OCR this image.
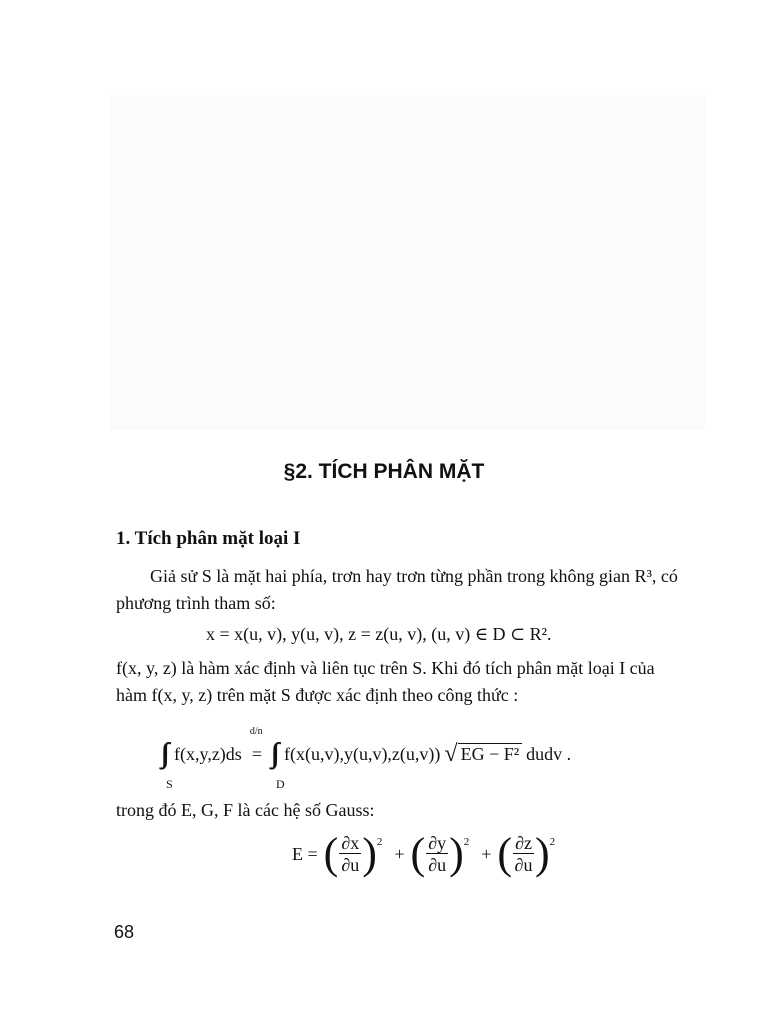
§2. TÍCH PHÂN MẶT
1. Tích phân mặt loại I
Giả sử S là mặt hai phía, trơn hay trơn từng phần trong không gian R³, có phương trình tham số:
x = x(u, v), y(u, v), z = z(u, v), (u, v) ∈ D ⊂ R².
f(x, y, z) là hàm xác định và liên tục trên S. Khi đó tích phân mặt loại I của hàm f(x, y, z) trên mặt S được xác định theo công thức :
S
f(x,y,z)ds
d/n
=
D
f(x(u,v),y(u,v),z(u,v)) √ EG − F² dudv .
trong đó E, G, F là các hệ số Gauss:
E = ( $\frac{\partial x}{\partial u}$ ) 2
+ ( $\frac{\partial y}{\partial u}$ ) 2
+ ( $\frac{\partial z}{\partial u}$ ) 2
68
